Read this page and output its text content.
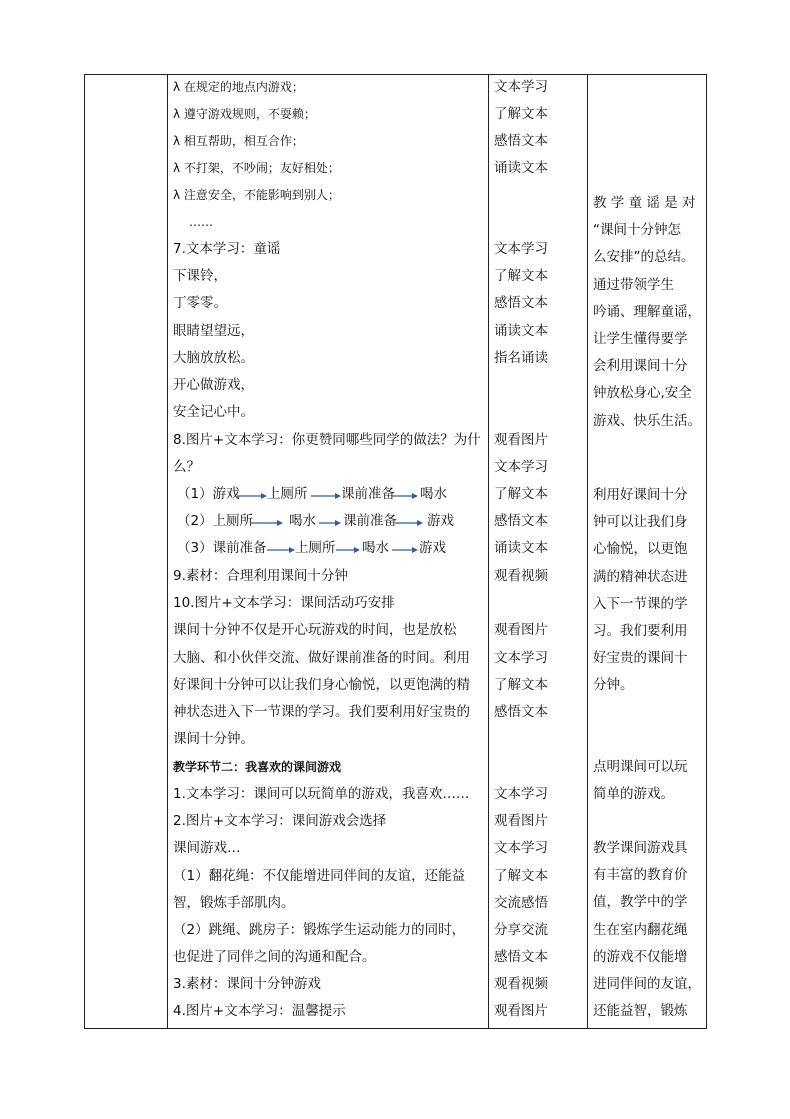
λ 在规定的地点内游戏；
λ 遵守游戏规则，不耍赖；
λ 相互帮助，相互合作；
λ 不打架，不吵闹；友好相处；
λ 注意安全，不能影响到别人；
……
7.文本学习：童谣
下课铃，
丁零零。
眼睛望望远，
大脑放放松。
开心做游戏，
安全记心中。
8.图片+文本学习：你更赞同哪些同学的做法？为什
么？
（1）游戏 上厕所 课前准备 喝水
（2）上厕所	喝水 课前准备 游戏
（3）课前准备 上厕所 喝水 游戏
9.素材：合理利用课间十分钟
10.图片+文本学习：课间活动巧安排
课间十分钟不仅是开心玩游戏的时间，也是放松
大脑、和小伙伴交流、做好课前准备的时间。利用
好课间十分钟可以让我们身心愉悦，以更饱满的精
神状态进入下一节课的学习。我们要利用好宝贵的
课间十分钟。
教学环节二：我喜欢的课间游戏
1.文本学习：课间可以玩简单的游戏，我喜欢……
2.图片+文本学习：课间游戏会选择
课间游戏…
（1）翻花绳：不仅能增进同伴间的友谊，还能益
智，锻炼手部肌肉。
（2）跳绳、跳房子：锻炼学生运动能力的同时，
也促进了同伴之间的沟通和配合。
3.素材：课间十分钟游戏
4.图片+文本学习：温馨提示
文本学习
了解文本
感悟文本
诵读文本
文本学习
了解文本
感悟文本
诵读文本
指名诵读
观看图片
文本学习
了解文本
感悟文本
诵读文本
观看视频
观看图片
文本学习
了解文本
感悟文本
文本学习
观看图片
文本学习
了解文本
交流感悟
分享交流
感悟文本
观看视频
观看图片
教 学 童 谣 是 对
“课间十分钟怎
么安排”的总结。
通过带领学生
吟诵、理解童谣，
让学生懂得要学
会利用课间十分
钟放松身心,安全
游戏、快乐生活。
利用好课间十分
钟可以让我们身
心愉悦，以更饱
满的精神状态进
入下一节课的学
习。我们要利用
好宝贵的课间十
分钟。
点明课间可以玩
简单的游戏。
教学课间游戏具
有丰富的教育价
值，教学中的学
生在室内翻花绳
的游戏不仅能增
进同伴间的友谊，
还能益智，锻炼
